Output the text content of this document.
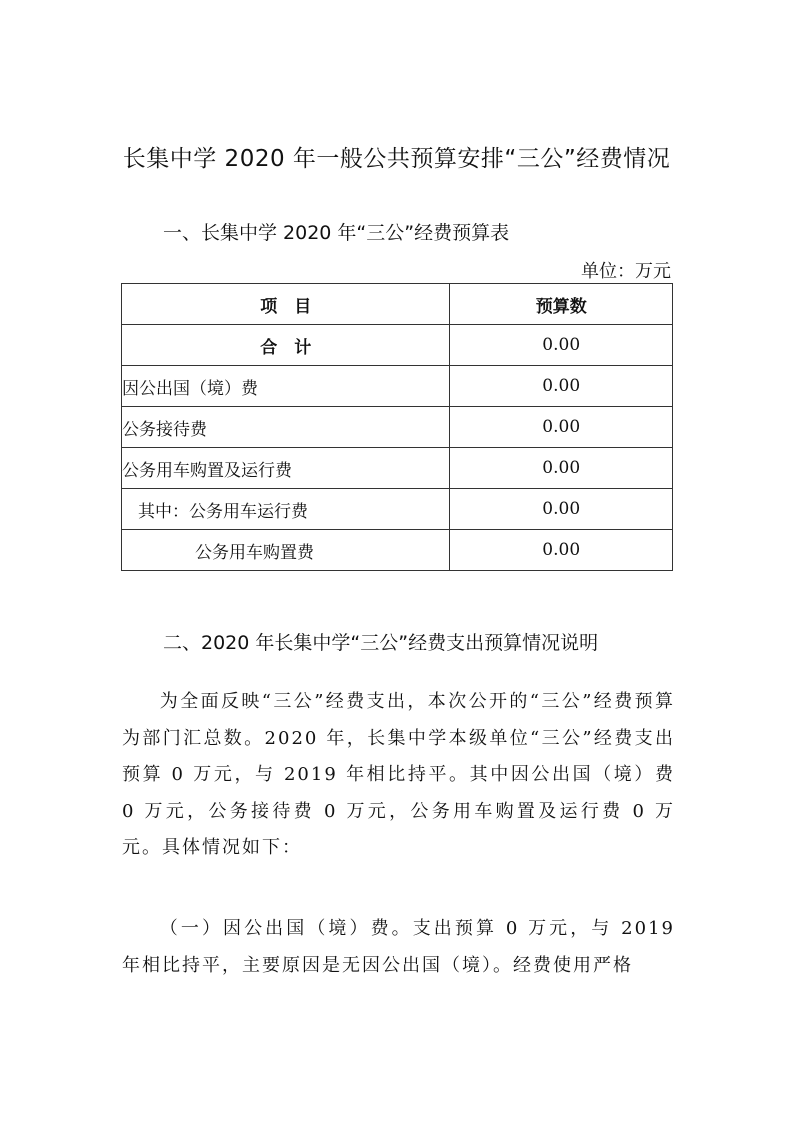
长集中学 2020 年一般公共预算安排“三公”经费情况
一、长集中学 2020 年“三公”经费预算表
单位：万元
项　目	预算数
合　计	0.00
因公出国（境）费	0.00
公务接待费	0.00
公务用车购置及运行费	0.00
其中：公务用车运行费	0.00
公务用车购置费	0.00
二、2020 年长集中学“三公”经费支出预算情况说明

为全面反映“三公”经费支出，本次公开的“三公”经费预算为部门汇总数。2020 年，长集中学本级单位“三公”经费支出预算 0 万元，与 2019 年相比持平。其中因公出国（境）费 0 万元，公务接待费 0 万元，公务用车购置及运行费 0 万元。具体情况如下：

（一）因公出国（境）费。支出预算 0 万元，与 2019 年相比持平，主要原因是无因公出国（境）。经费使用严格
